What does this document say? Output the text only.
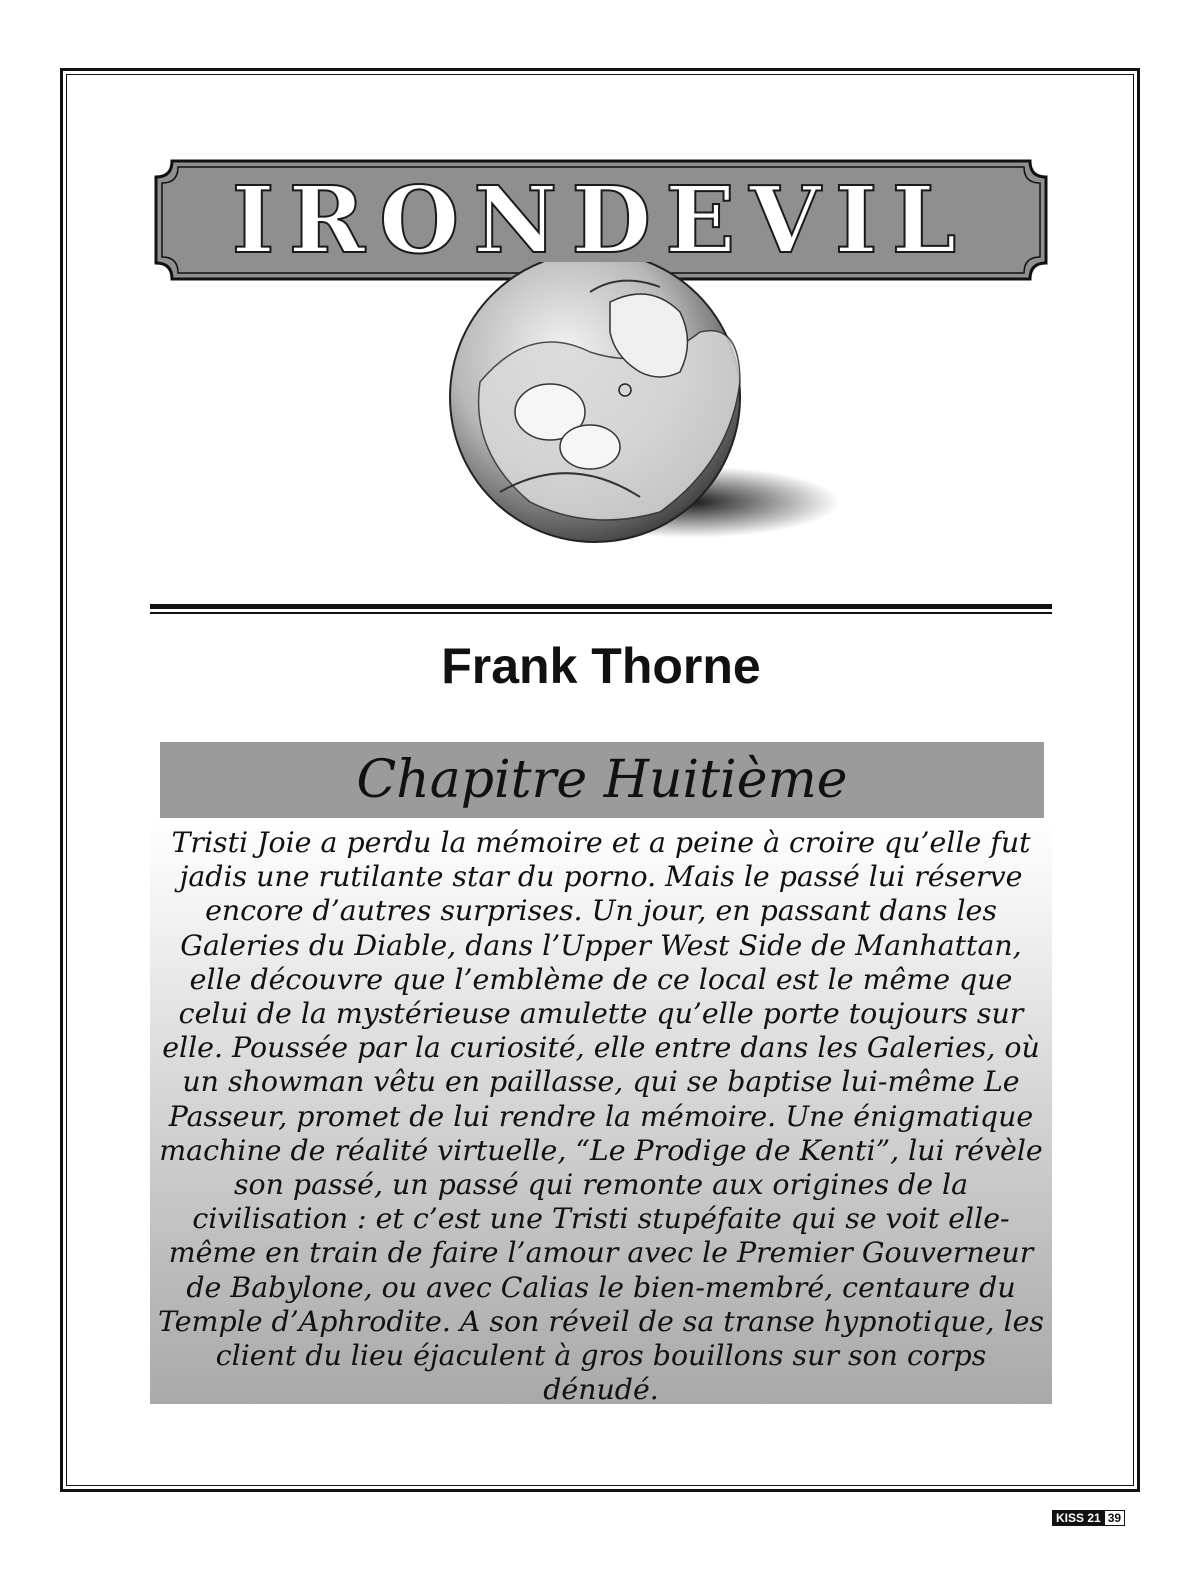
IRONDEVIL
Frank Thorne
Chapitre Huitième
Tristi Joie a perdu la mémoire et a peine à croire qu’elle fut jadis une rutilante star du porno. Mais le passé lui réserve encore d’autres surprises. Un jour, en passant dans les Galeries du Diable, dans l’Upper West Side de Manhattan, elle découvre que l’emblème de ce local est le même que celui de la mystérieuse amulette qu’elle porte toujours sur elle. Poussée par la curiosité, elle entre dans les Galeries, où un showman vêtu en paillasse, qui se baptise lui-même Le Passeur, promet de lui rendre la mémoire. Une énigmatique machine de réalité virtuelle, “Le Prodige de Kenti”, lui révèle son passé, un passé qui remonte aux origines de la civilisation : et c’est une Tristi stupéfaite qui se voit elle-même en train de faire l’amour avec le Premier Gouverneur de Babylone, ou avec Calias le bien-membré, centaure du Temple d’Aphrodite. A son réveil de sa transe hypnotique, les client du lieu éjaculent à gros bouillons sur son corps dénudé.
KISS 21 39
